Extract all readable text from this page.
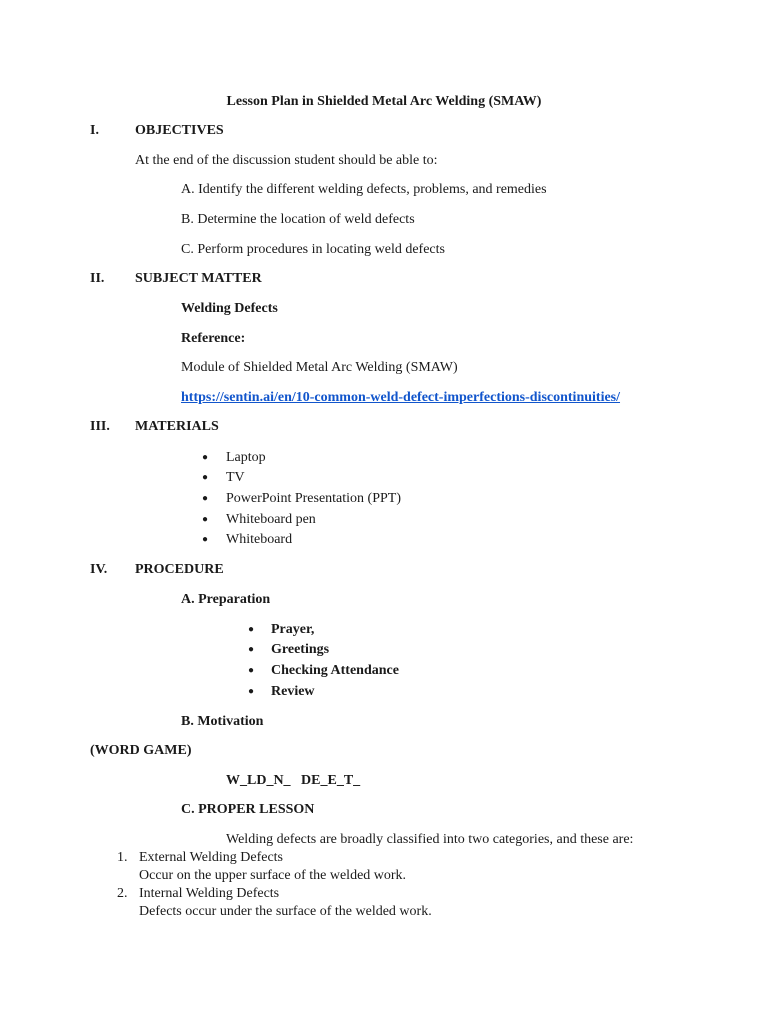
Lesson Plan in Shielded Metal Arc Welding (SMAW)
I.	OBJECTIVES
At the end of the discussion student should be able to:
A. Identify the different welding defects, problems, and remedies
B. Determine the location of weld defects
C. Perform procedures in locating weld defects
II. SUBJECT MATTER
Welding Defects
Reference:
Module of Shielded Metal Arc Welding (SMAW)
https://sentin.ai/en/10-common-weld-defect-imperfections-discontinuities/
III. MATERIALS
● Laptop
● TV
● PowerPoint Presentation (PPT)
● Whiteboard pen
● Whiteboard
IV. PROCEDURE
A. Preparation
● Prayer,
● Greetings
● Checking Attendance
● Review
B. Motivation
(WORD GAME)
W_LD_N_   DE_E_T_
C. PROPER LESSON
Welding defects are broadly classified into two categories, and these are:
1. External Welding Defects
Occur on the upper surface of the welded work.
2. Internal Welding Defects
Defects occur under the surface of the welded work.
